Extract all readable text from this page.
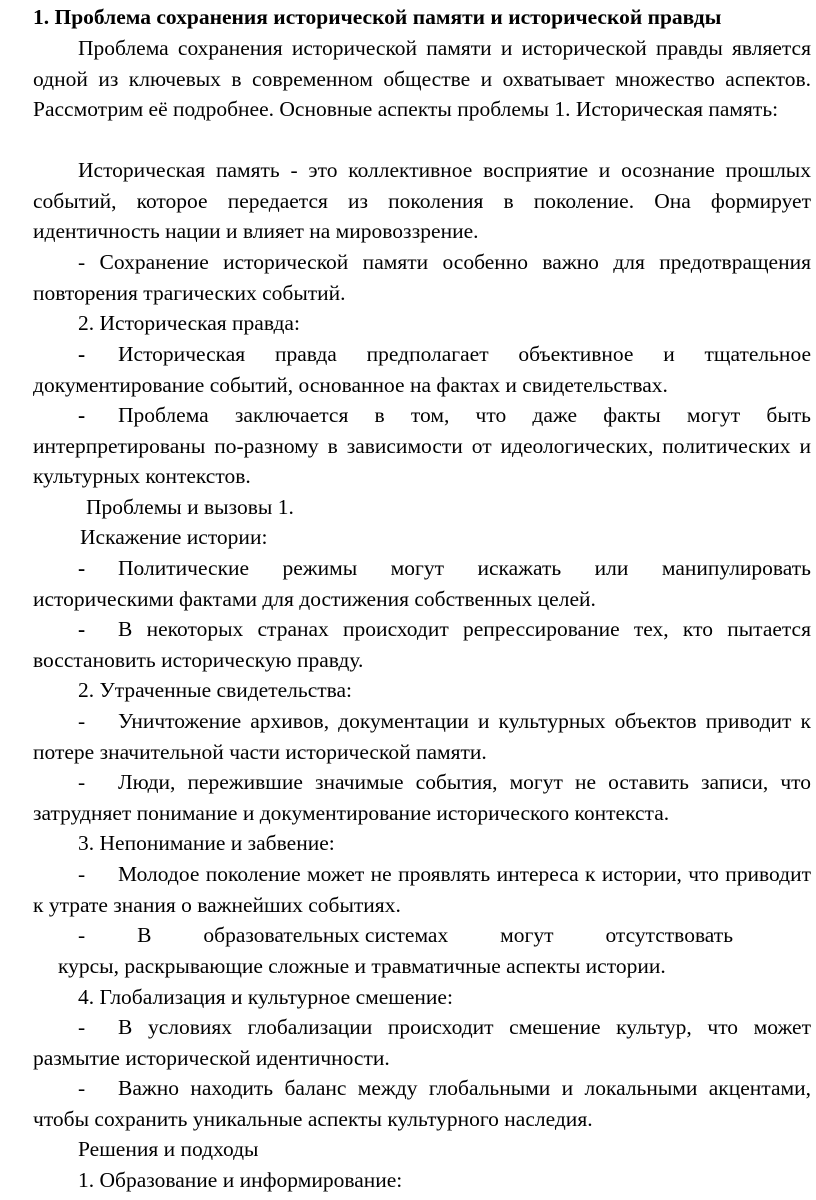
1. Проблема сохранения исторической памяти и исторической правды

Проблема сохранения исторической памяти и исторической правды является одной из ключевых в современном обществе и охватывает множество аспектов. Рассмотрим её подробнее. Основные аспекты проблемы 1. Историческая память:

Историческая память - это коллективное восприятие и осознание прошлых событий, которое передается из поколения в поколение. Она формирует идентичность нации и влияет на мировоззрение.

- Сохранение исторической памяти особенно важно для предотвращения повторения трагических событий.

2. Историческая правда:

- Историческая правда предполагает объективное и тщательное документирование событий, основанное на фактах и свидетельствах.

- Проблема заключается в том, что даже факты могут быть интерпретированы по-разному в зависимости от идеологических, политических и культурных контекстов.

Проблемы и вызовы 1.

Искажение истории:

- Политические режимы могут искажать или манипулировать историческими фактами для достижения собственных целей.

- В некоторых странах происходит репрессирование тех, кто пытается восстановить историческую правду.

2. Утраченные свидетельства:

- Уничтожение архивов, документации и культурных объектов приводит к потере значительной части исторической памяти.

- Люди, пережившие значимые события, могут не оставить записи, что затрудняет понимание и документирование исторического контекста.

3. Непонимание и забвение:

- Молодое поколение может не проявлять интереса к истории, что приводит к утрате знания о важнейших событиях.

- В образовательных системах могут отсутствовать

курсы, раскрывающие сложные и травматичные аспекты истории.

4. Глобализация и культурное смешение:

- В условиях глобализации происходит смешение культур, что может размытие исторической идентичности.

- Важно находить баланс между глобальными и локальными акцентами, чтобы сохранить уникальные аспекты культурного наследия.

Решения и подходы

1. Образование и информирование:
